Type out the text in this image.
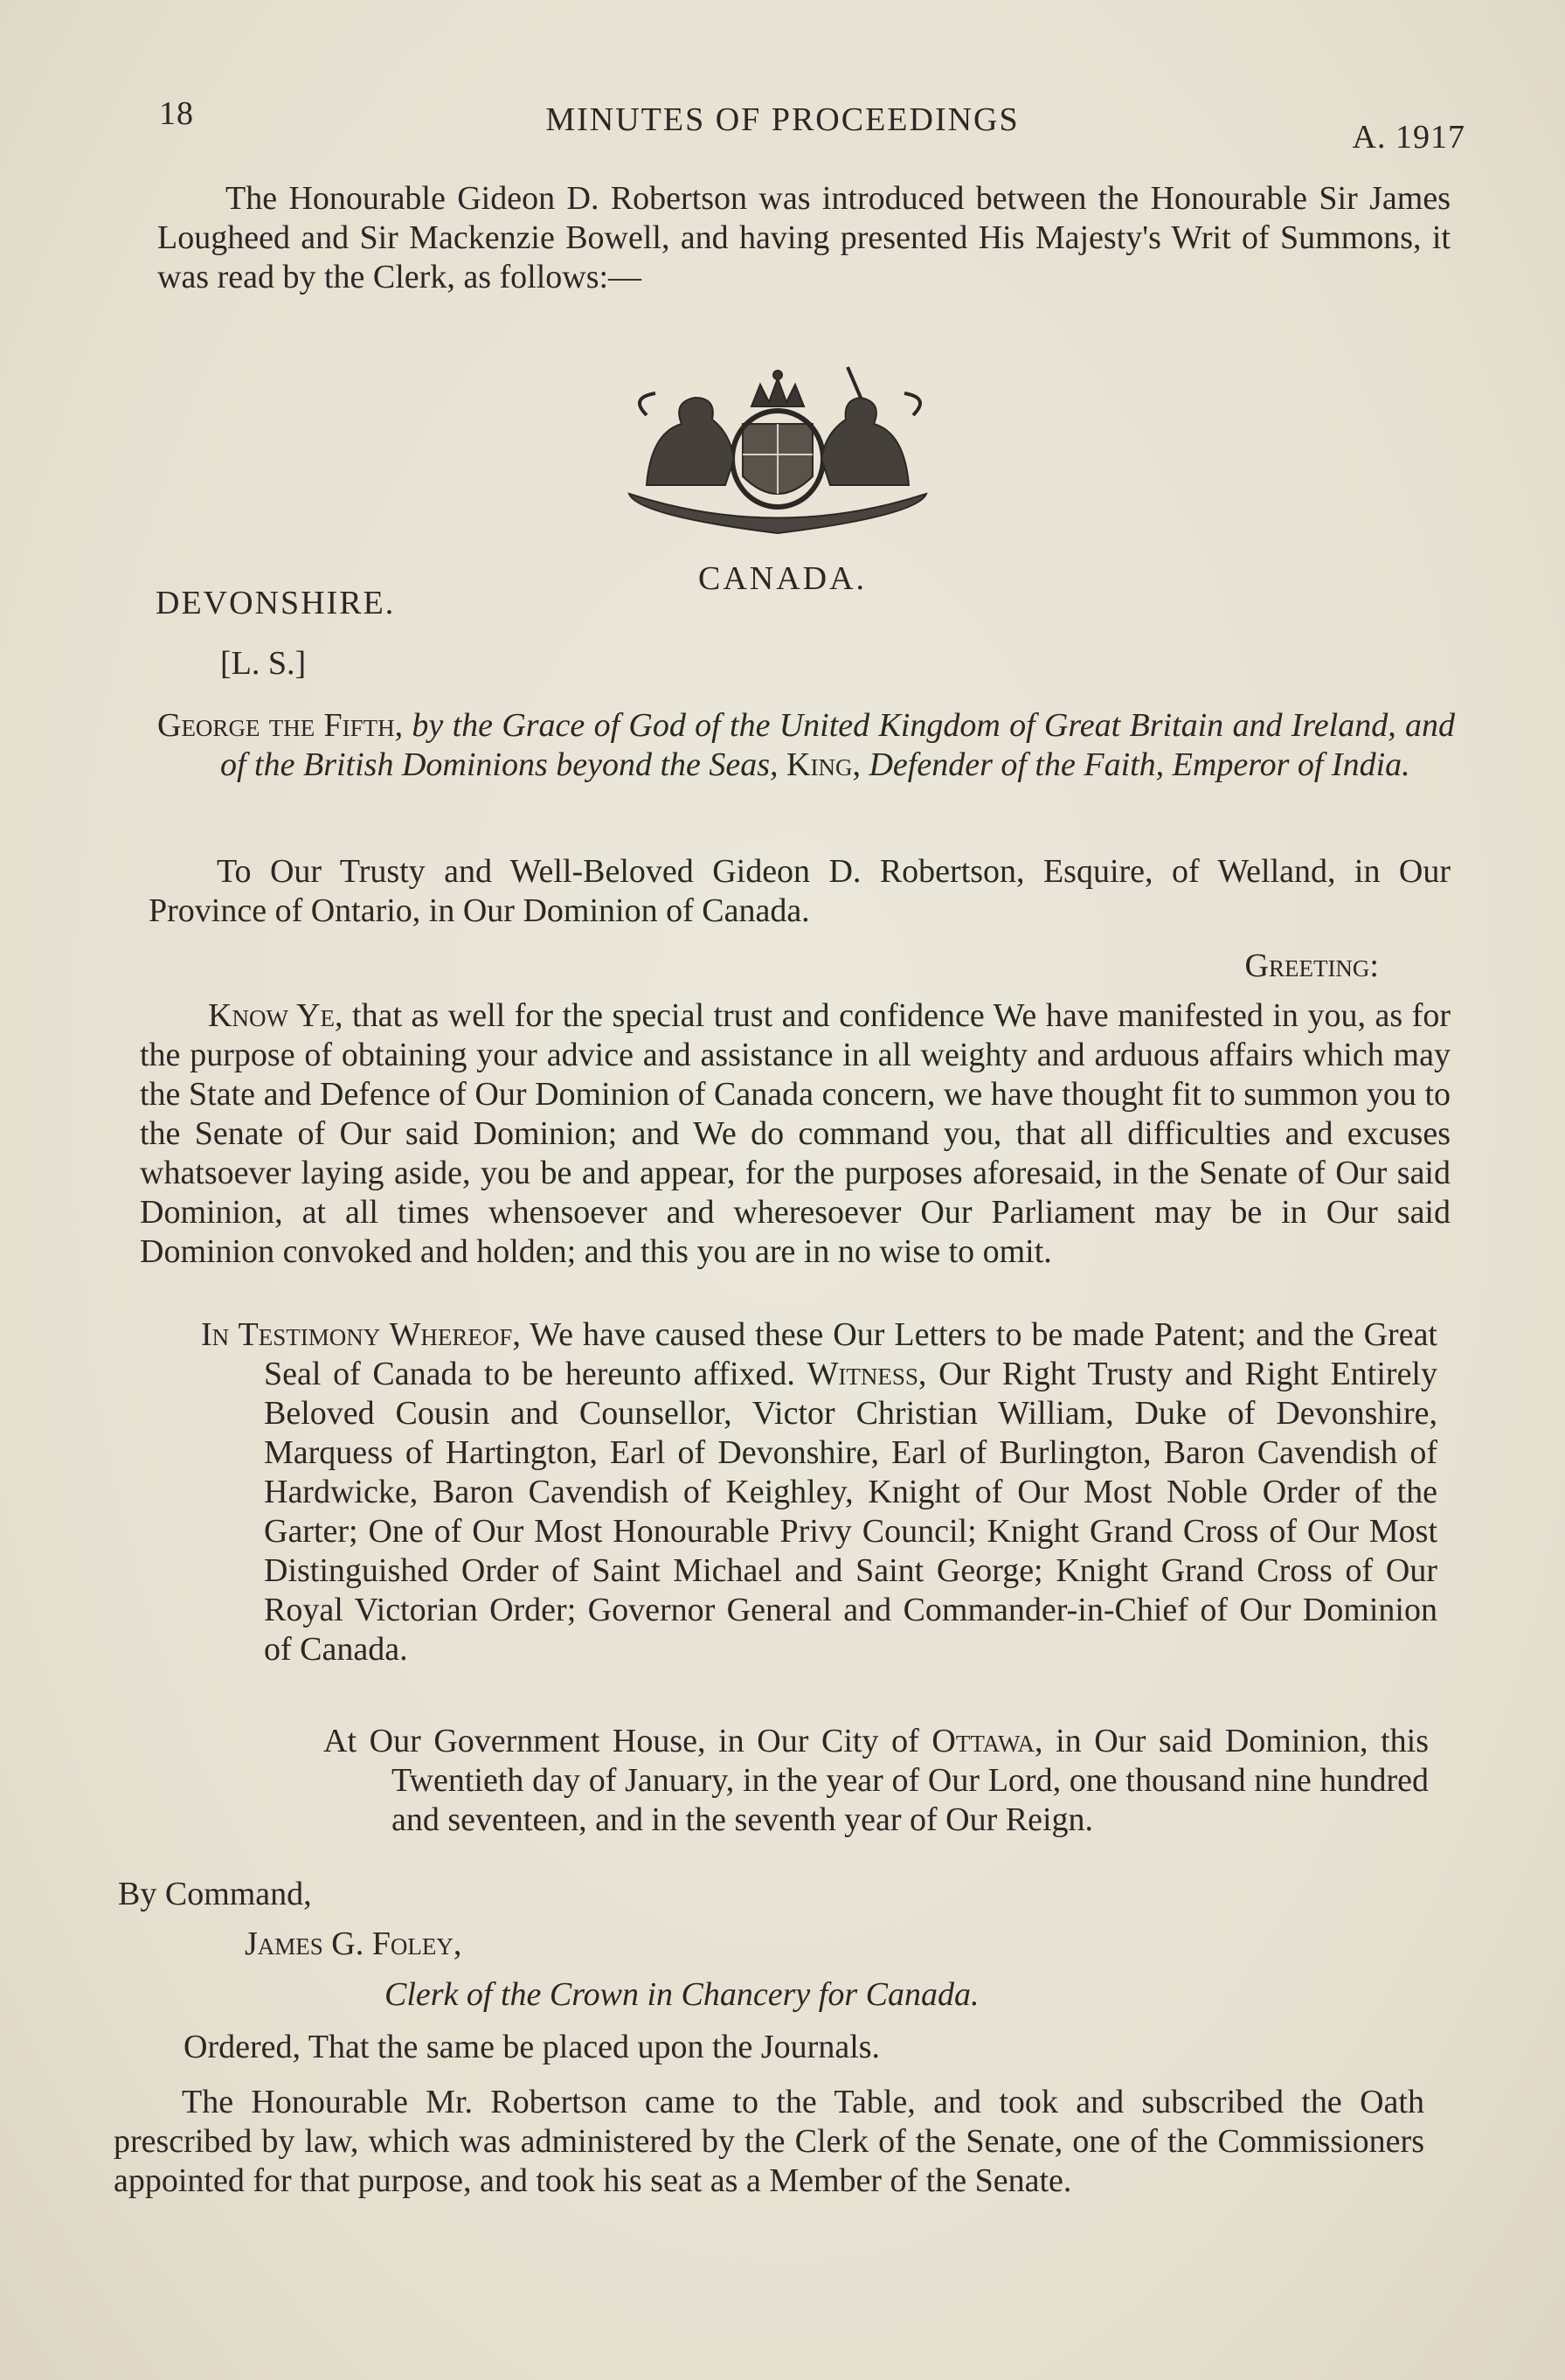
18	MINUTES OF PROCEEDINGS	A. 1917
The Honourable Gideon D. Robertson was introduced between the Honourable Sir James Lougheed and Sir Mackenzie Bowell, and having presented His Majesty's Writ of Summons, it was read by the Clerk, as follows:—
CANADA.
DEVONSHIRE.
[L. S.]
George the Fifth, by the Grace of God of the United Kingdom of Great Britain and Ireland, and of the British Dominions beyond the Seas, King, Defender of the Faith, Emperor of India.
To Our Trusty and Well-Beloved Gideon D. Robertson, Esquire, of Welland, in Our Province of Ontario, in Our Dominion of Canada.
Greeting:
Know Ye, that as well for the special trust and confidence We have manifested in you, as for the purpose of obtaining your advice and assistance in all weighty and arduous affairs which may the State and Defence of Our Dominion of Canada concern, we have thought fit to summon you to the Senate of Our said Dominion; and We do command you, that all difficulties and excuses whatsoever laying aside, you be and appear, for the purposes aforesaid, in the Senate of Our said Dominion, at all times whensoever and wheresoever Our Parliament may be in Our said Dominion convoked and holden; and this you are in no wise to omit.
In Testimony Whereof, We have caused these Our Letters to be made Patent; and the Great Seal of Canada to be hereunto affixed. Witness, Our Right Trusty and Right Entirely Beloved Cousin and Counsellor, Victor Christian William, Duke of Devonshire, Marquess of Hartington, Earl of Devonshire, Earl of Burlington, Baron Cavendish of Hardwicke, Baron Cavendish of Keighley, Knight of Our Most Noble Order of the Garter; One of Our Most Honourable Privy Council; Knight Grand Cross of Our Most Distinguished Order of Saint Michael and Saint George; Knight Grand Cross of Our Royal Victorian Order; Governor General and Commander-in-Chief of Our Dominion of Canada.
At Our Government House, in Our City of Ottawa, in Our said Dominion, this Twentieth day of January, in the year of Our Lord, one thousand nine hundred and seventeen, and in the seventh year of Our Reign.
By Command,
James G. Foley,
Clerk of the Crown in Chancery for Canada.
Ordered, That the same be placed upon the Journals.
The Honourable Mr. Robertson came to the Table, and took and subscribed the Oath prescribed by law, which was administered by the Clerk of the Senate, one of the Commissioners appointed for that purpose, and took his seat as a Member of the Senate.
